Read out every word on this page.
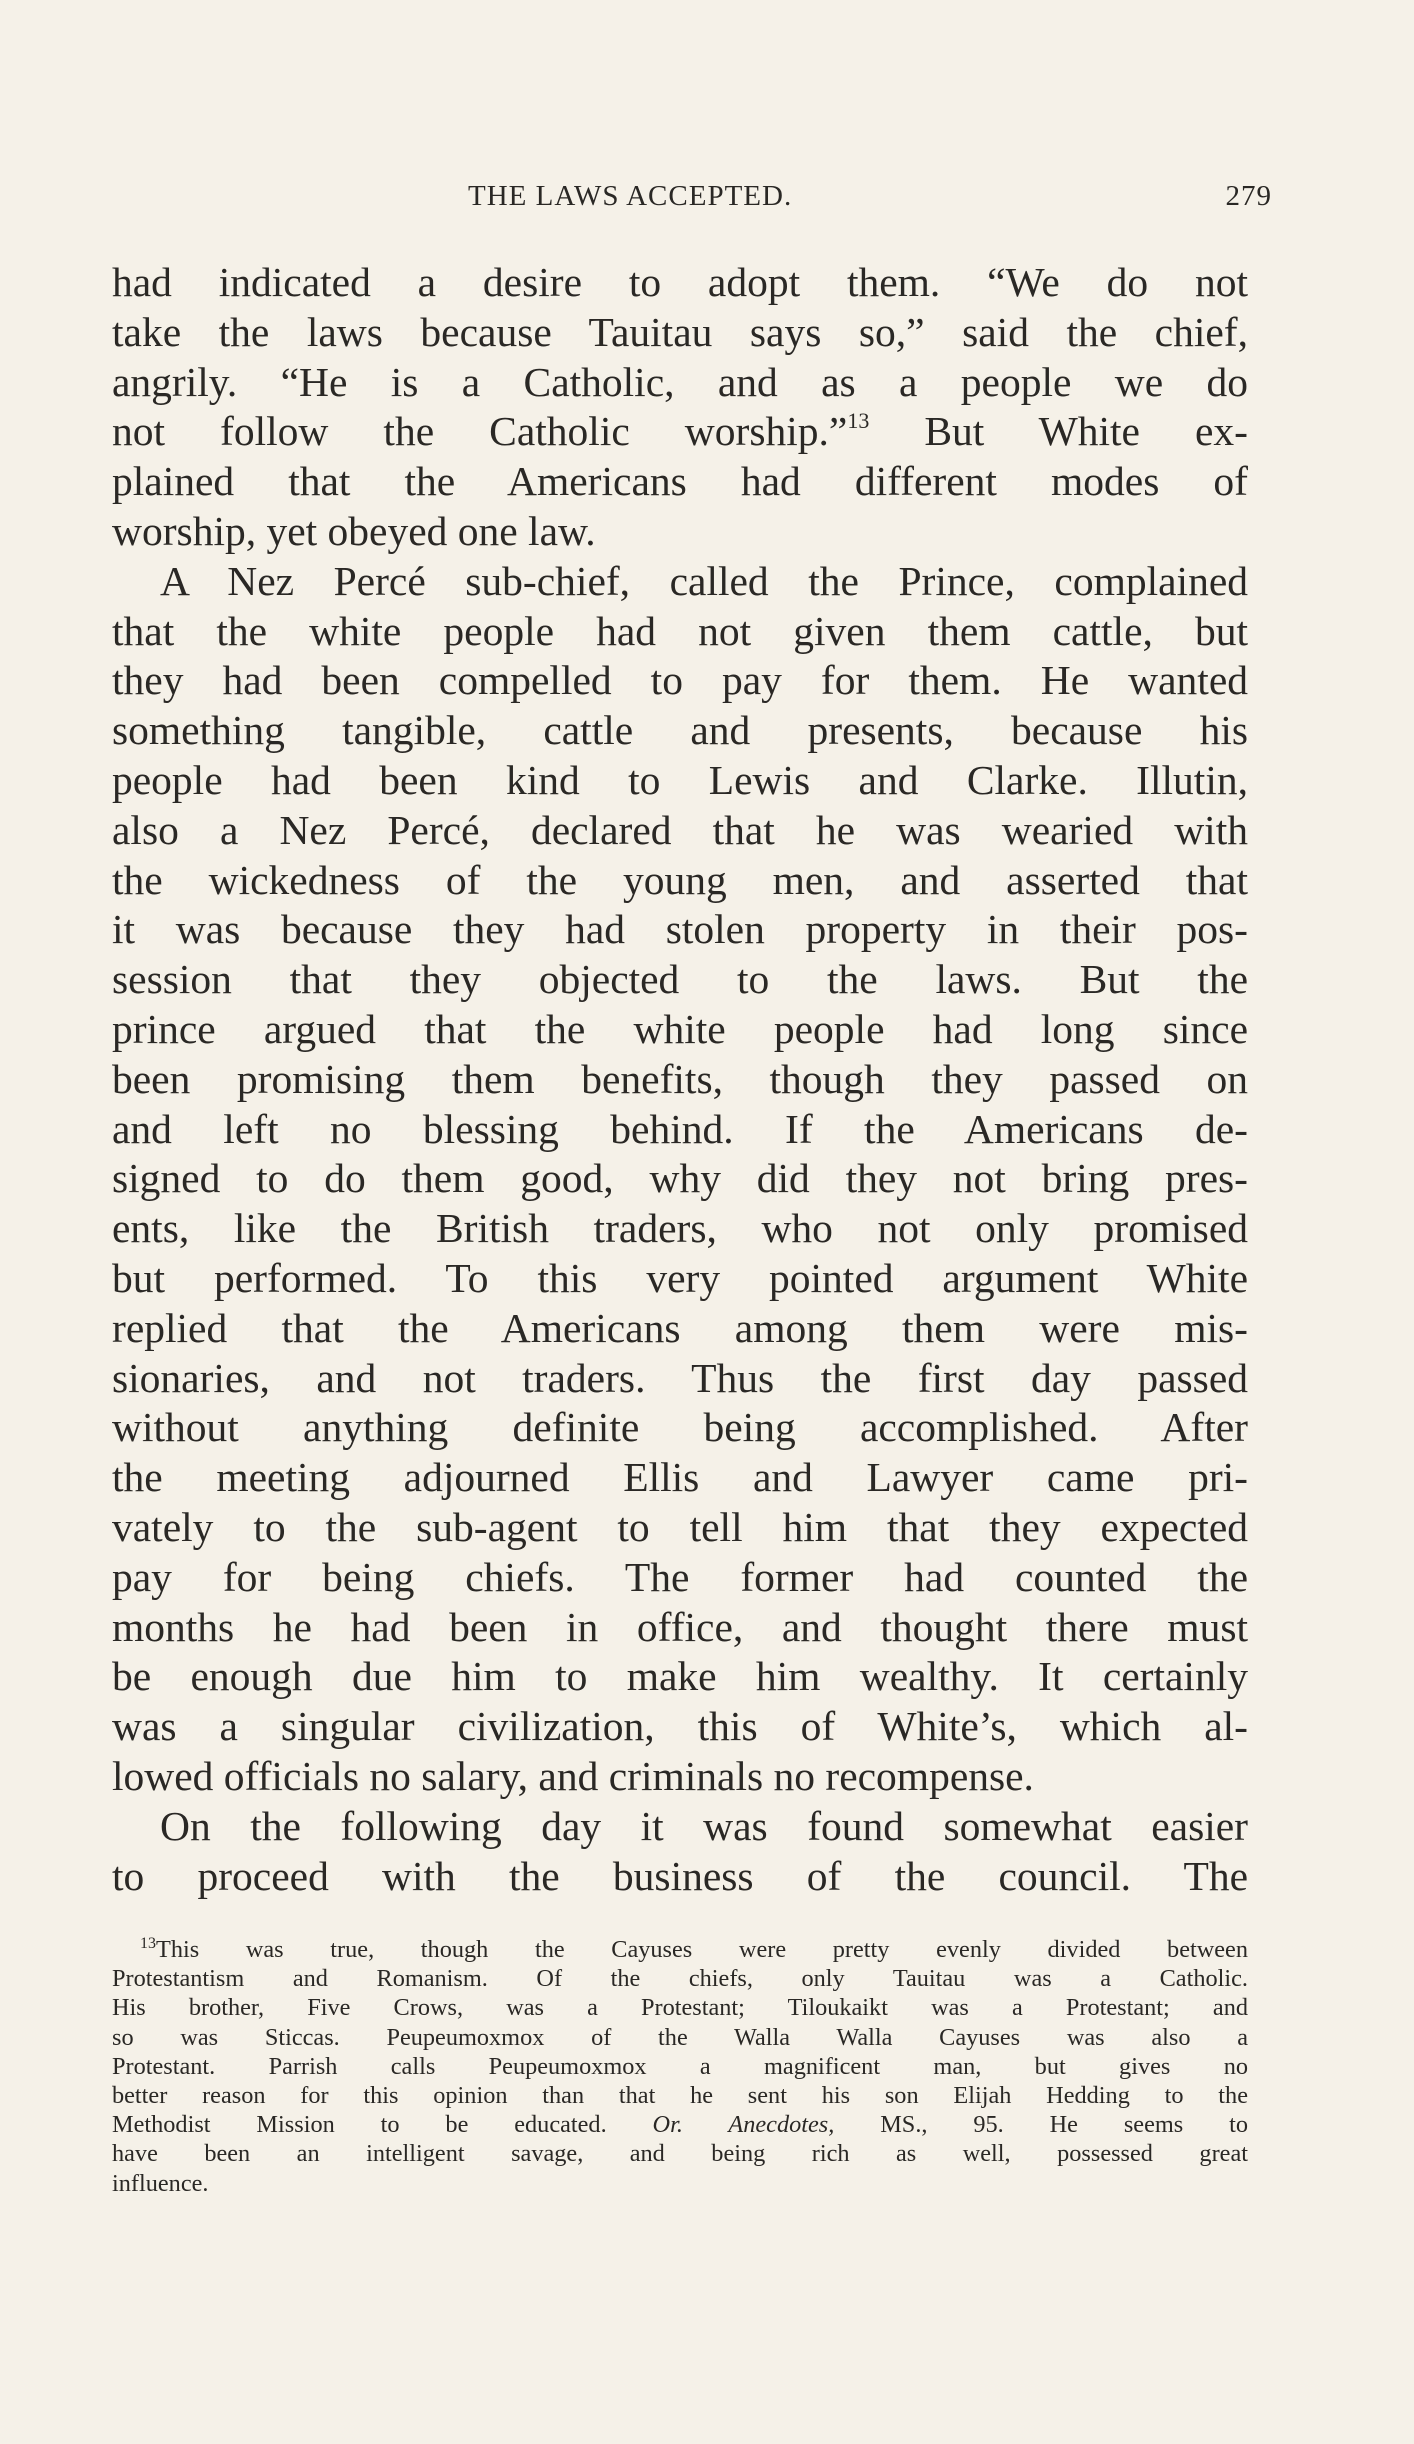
THE LAWS ACCEPTED.	279
had indicated a desire to adopt them. “We do not
take the laws because Tauitau says so,” said the chief,
angrily. “He is a Catholic, and as a people we do
not follow the Catholic worship.”$^{13}$ But White ex-
plained that the Americans had different modes of
worship, yet obeyed one law.
A Nez Percé sub-chief, called the Prince, complained
that the white people had not given them cattle, but
they had been compelled to pay for them. He wanted
something tangible, cattle and presents, because his
people had been kind to Lewis and Clarke. Illutin,
also a Nez Percé, declared that he was wearied with
the wickedness of the young men, and asserted that
it was because they had stolen property in their pos-
session that they objected to the laws. But the
prince argued that the white people had long since
been promising them benefits, though they passed on
and left no blessing behind. If the Americans de-
signed to do them good, why did they not bring pres-
ents, like the British traders, who not only promised
but performed. To this very pointed argument White
replied that the Americans among them were mis-
sionaries, and not traders. Thus the first day passed
without anything definite being accomplished. After
the meeting adjourned Ellis and Lawyer came pri-
vately to the sub-agent to tell him that they expected
pay for being chiefs. The former had counted the
months he had been in office, and thought there must
be enough due him to make him wealthy. It certainly
was a singular civilization, this of White’s, which al-
lowed officials no salary, and criminals no recompense.
On the following day it was found somewhat easier
to proceed with the business of the council. The
$^{13}$This was true, though the Cayuses were pretty evenly divided between
Protestantism and Romanism. Of the chiefs, only Tauitau was a Catholic.
His brother, Five Crows, was a Protestant; Tiloukaikt was a Protestant; and
so was Sticcas. Peupeumoxmox of the Walla Walla Cayuses was also a
Protestant. Parrish calls Peupeumoxmox a magnificent man, but gives no
better reason for this opinion than that he sent his son Elijah Hedding to the
Methodist Mission to be educated. Or. Anecdotes, MS., 95. He seems to
have been an intelligent savage, and being rich as well, possessed great
influence.
